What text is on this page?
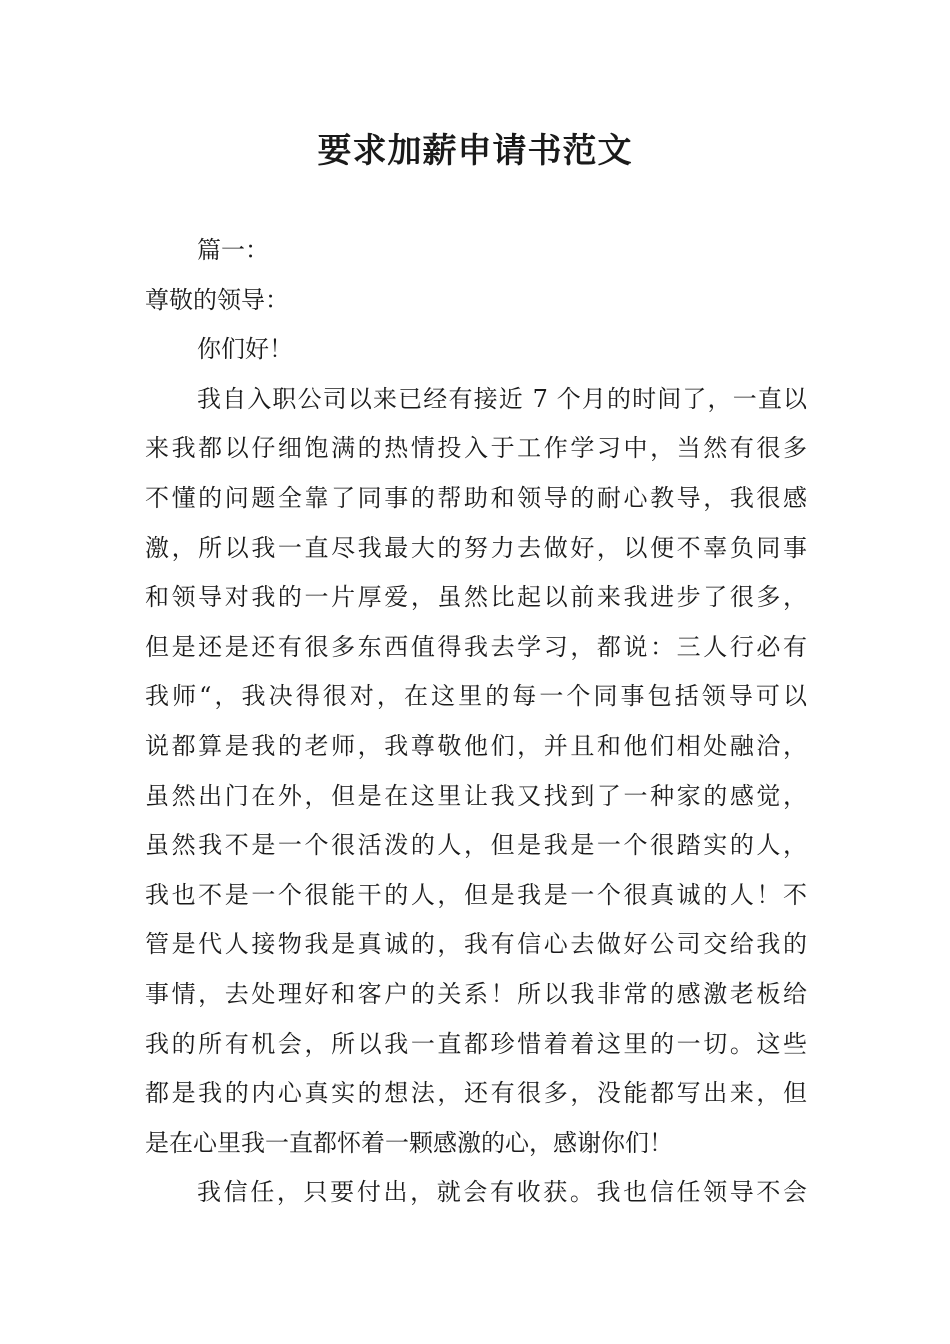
要求加薪申请书范文
篇一：
尊敬的领导：
你们好！
我自入职公司以来已经有接近 7 个月的时间了，一直以
来我都以仔细饱满的热情投入于工作学习中，当然有很多
不懂的问题全靠了同事的帮助和领导的耐心教导，我很感
激，所以我一直尽我最大的努力去做好，以便不辜负同事
和领导对我的一片厚爱，虽然比起以前来我进步了很多，
但是还是还有很多东西值得我去学习，都说：三人行必有
我师“，我决得很对，在这里的每一个同事包括领导可以
说都算是我的老师，我尊敬他们，并且和他们相处融洽，
虽然出门在外，但是在这里让我又找到了一种家的感觉，
虽然我不是一个很活泼的人，但是我是一个很踏实的人，
我也不是一个很能干的人，但是我是一个很真诚的人！不
管是代人接物我是真诚的，我有信心去做好公司交给我的
事情，去处理好和客户的关系！所以我非常的感激老板给
我的所有机会，所以我一直都珍惜着着这里的一切。这些
都是我的内心真实的想法，还有很多，没能都写出来，但
是在心里我一直都怀着一颗感激的心，感谢你们！
我信任，只要付出，就会有收获。我也信任领导不会
